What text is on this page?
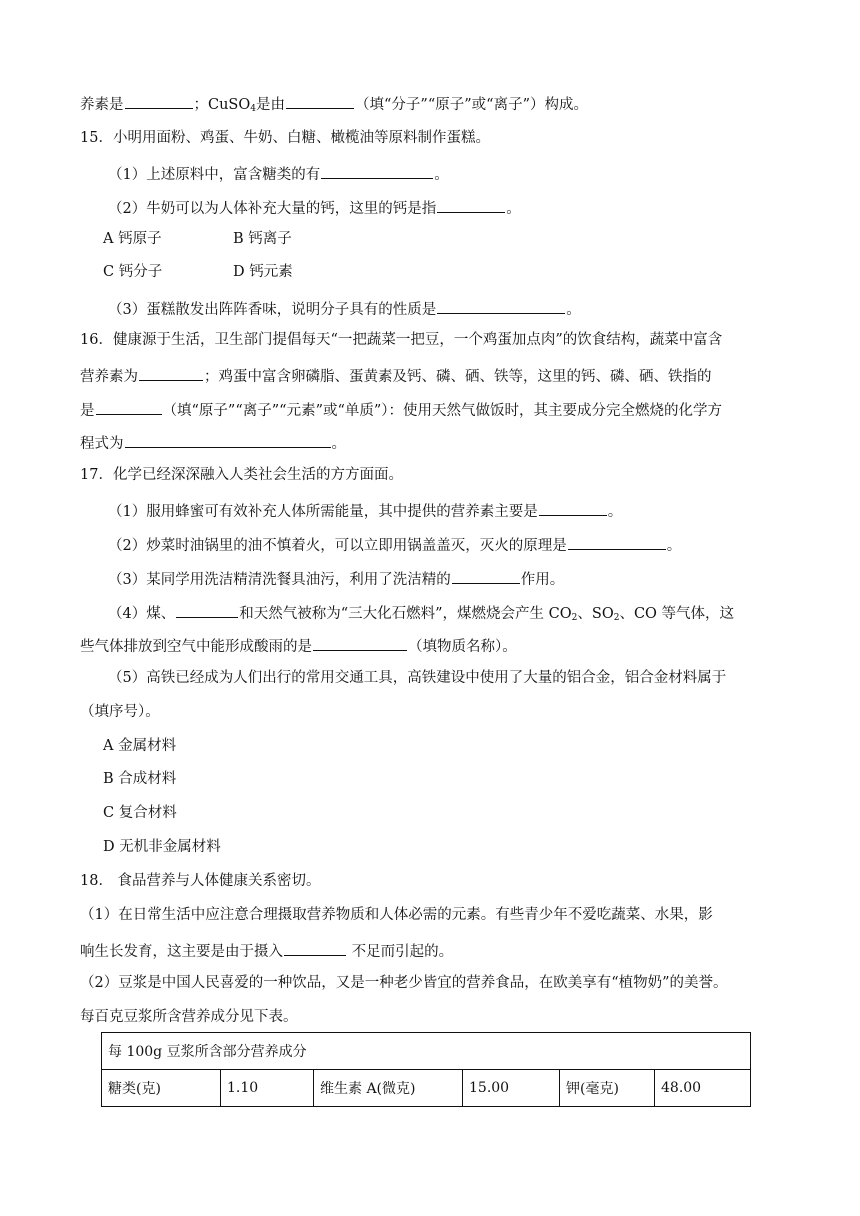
养素是	；CuSO$_4$是由	（填“分子”“原子”或“离子”）构成。
15．小明用面粉、鸡蛋、牛奶、白糖、橄榄油等原料制作蛋糕。
（1）上述原料中，富含糖类的有	。
（2）牛奶可以为人体补充大量的钙，这里的钙是指	。
A 钙原子	B 钙离子
C 钙分子	D 钙元素
（3）蛋糕散发出阵阵香味，说明分子具有的性质是	。
16．健康源于生活，卫生部门提倡每天“一把蔬菜一把豆，一个鸡蛋加点肉”的饮食结构，蔬菜中富含
营养素为	；鸡蛋中富含卵磷脂、蛋黄素及钙、磷、硒、铁等，这里的钙、磷、硒、铁指的
是	（填“原子”“离子”“元素”或“单质”）：使用天然气做饭时，其主要成分完全燃烧的化学方
程式为	。
17．化学已经深深融入人类社会生活的方方面面。
（1）服用蜂蜜可有效补充人体所需能量，其中提供的营养素主要是	。
（2）炒菜时油锅里的油不慎着火，可以立即用锅盖盖灭，灭火的原理是	。
（3）某同学用洗洁精清洗餐具油污，利用了洗洁精的	作用。
（4）煤、	和天然气被称为“三大化石燃料”，煤燃烧会产生 $CO_2$、$SO_2$、CO 等气体，这
些气体排放到空气中能形成酸雨的是	（填物质名称）。
（5）高铁已经成为人们出行的常用交通工具，高铁建设中使用了大量的铝合金，铝合金材料属于
（填序号）。
A 金属材料
B 合成材料
C 复合材料
D 无机非金属材料
18． 食品营养与人体健康关系密切。
（1）在日常生活中应注意合理摄取营养物质和人体必需的元素。有些青少年不爱吃蔬菜、水果，影
响生长发育，这主要是由于摄入	不足而引起的。
（2）豆浆是中国人民喜爱的一种饮品，又是一种老少皆宜的营养食品，在欧美享有“植物奶”的美誉。
每百克豆浆所含营养成分见下表。
每 100g 豆浆所含部分营养成分
糖类(克)	1.10	维生素 A(微克)	15.00	钾(毫克)	48.00
